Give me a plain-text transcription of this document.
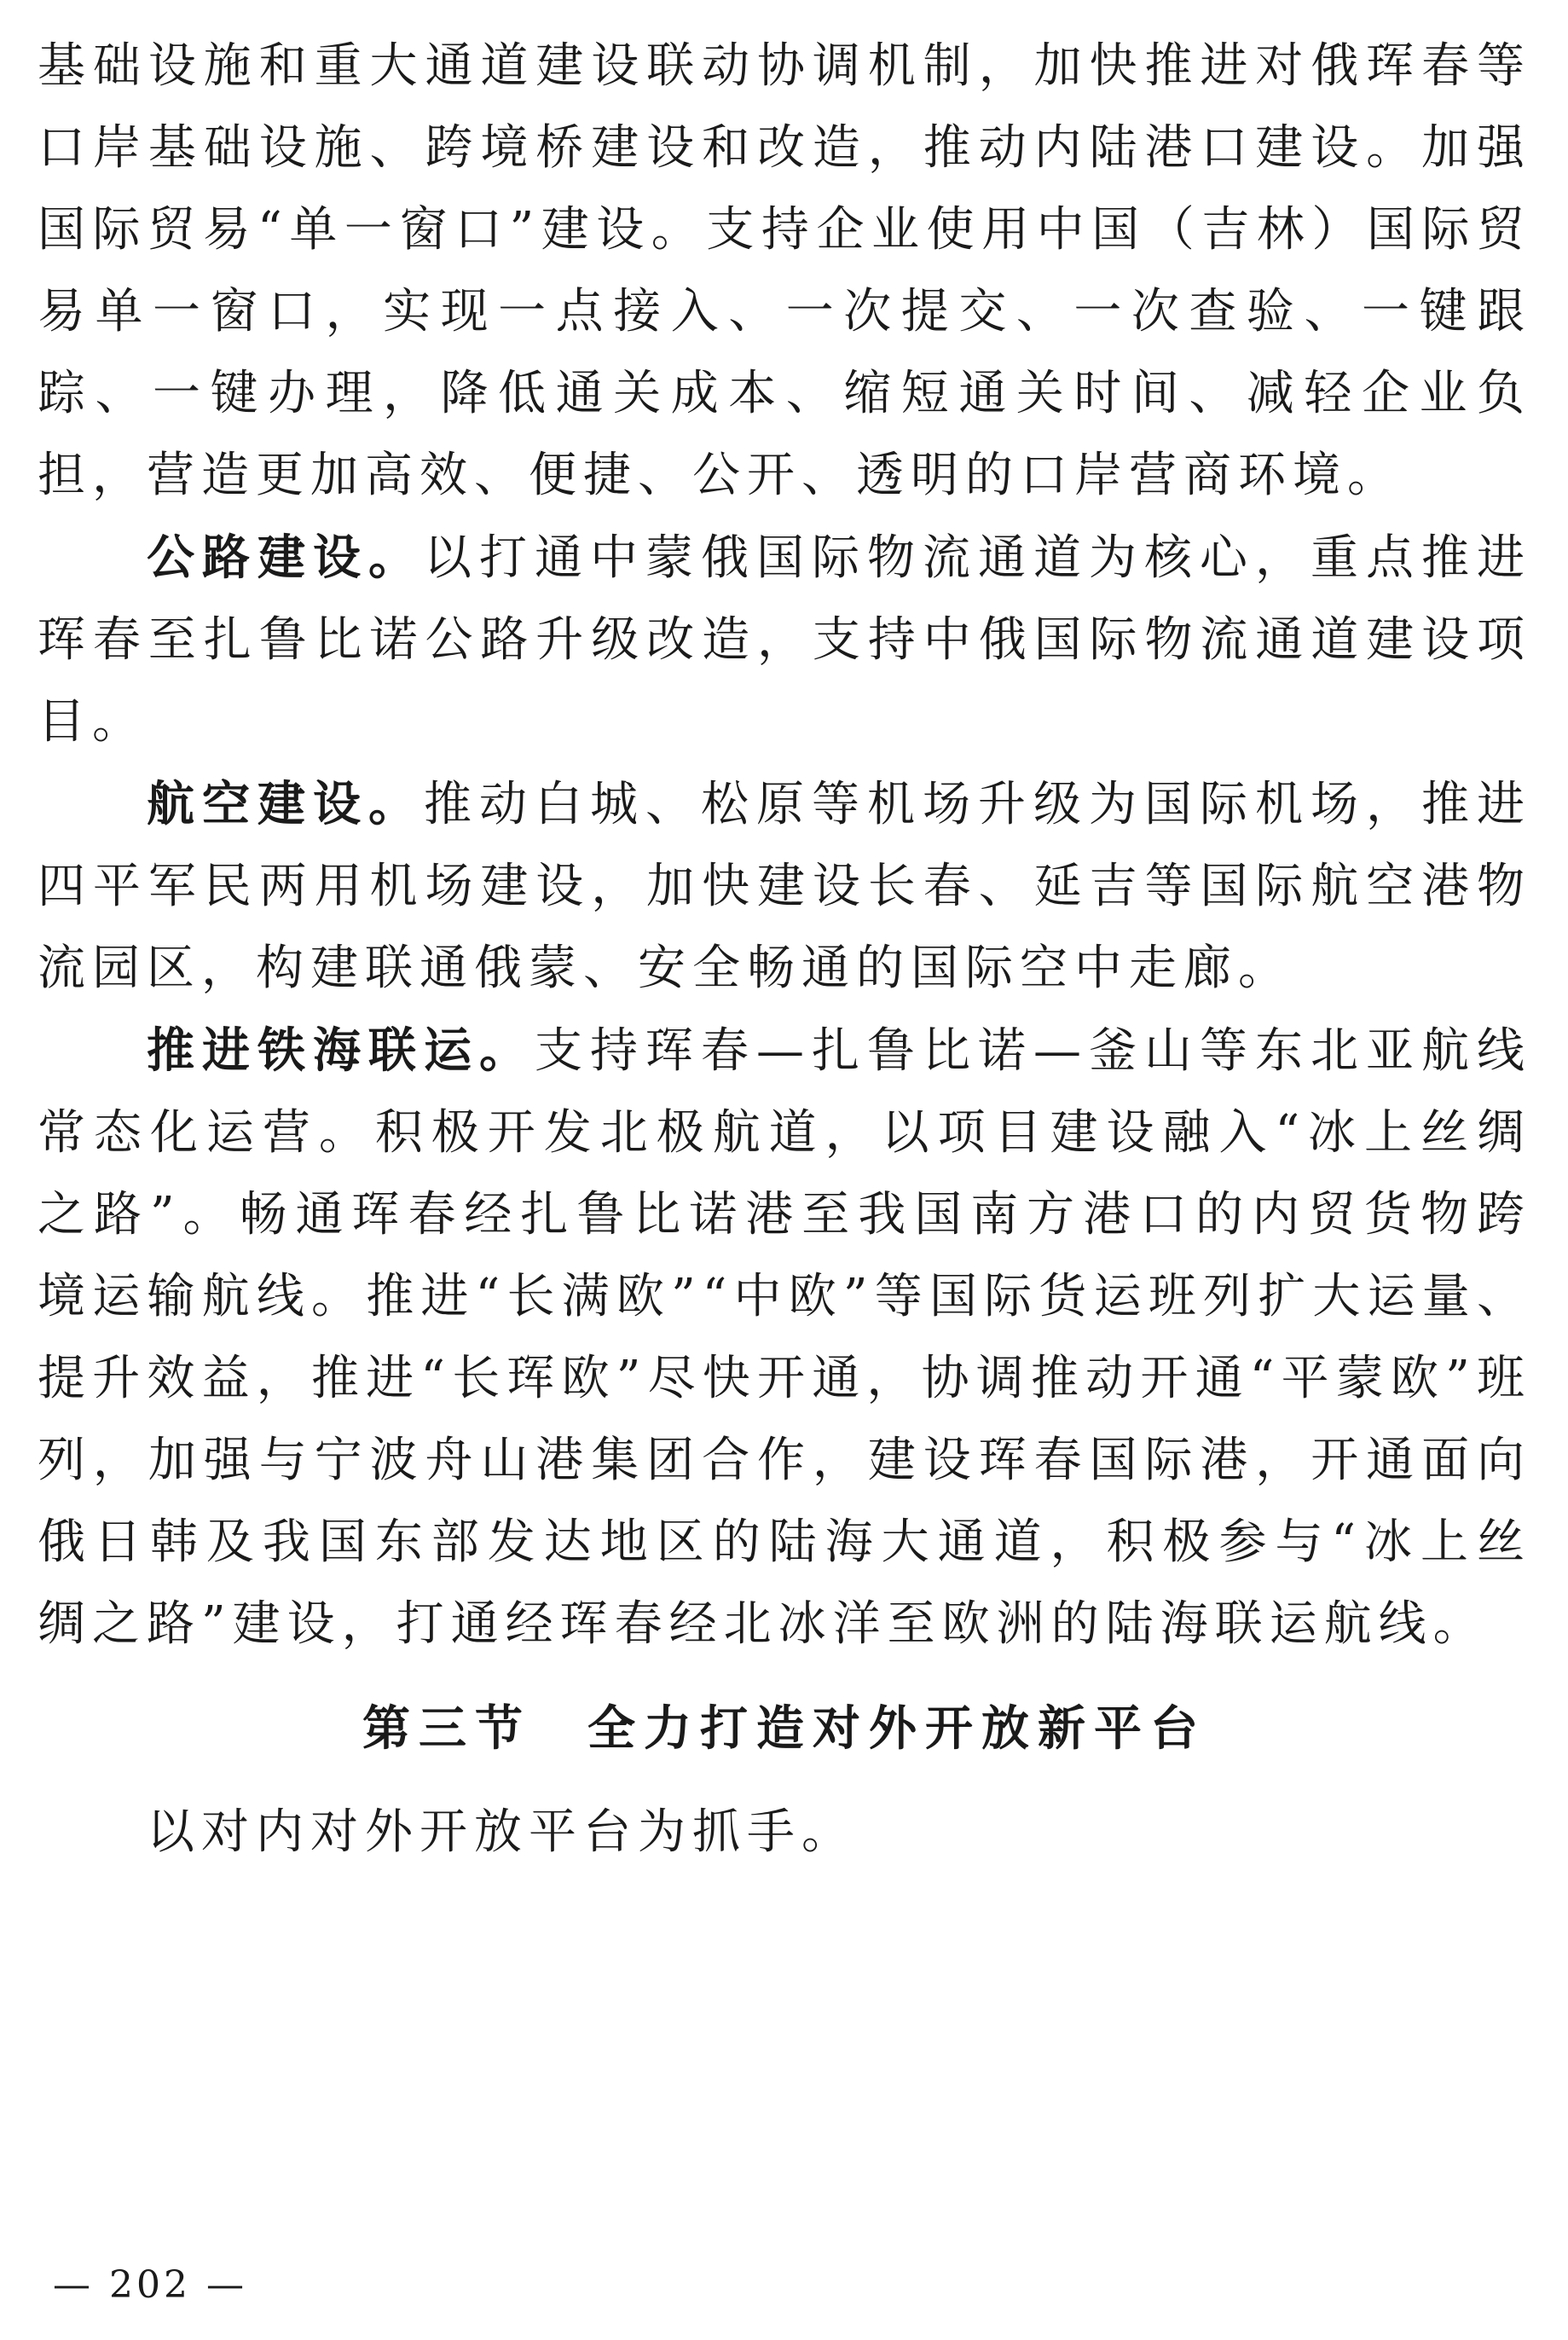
基础设施和重大通道建设联动协调机制，加快推进对俄珲春等口岸基础设施、跨境桥建设和改造，推动内陆港口建设。加强国际贸易“单一窗口”建设。支持企业使用中国（吉林）国际贸易单一窗口，实现一点接入、一次提交、一次查验、一键跟踪、一键办理，降低通关成本、缩短通关时间、减轻企业负担，营造更加高效、便捷、公开、透明的口岸营商环境。

公路建设。以打通中蒙俄国际物流通道为核心，重点推进珲春至扎鲁比诺公路升级改造，支持中俄国际物流通道建设项目。

航空建设。推动白城、松原等机场升级为国际机场，推进四平军民两用机场建设，加快建设长春、延吉等国际航空港物流园区，构建联通俄蒙、安全畅通的国际空中走廊。

推进铁海联运。支持珲春—扎鲁比诺—釜山等东北亚航线常态化运营。积极开发北极航道，以项目建设融入“冰上丝绸之路”。畅通珲春经扎鲁比诺港至我国南方港口的内贸货物跨境运输航线。推进“长满欧”“中欧”等国际货运班列扩大运量、提升效益，推进“长珲欧”尽快开通，协调推动开通“平蒙欧”班列，加强与宁波舟山港集团合作，建设珲春国际港，开通面向俄日韩及我国东部发达地区的陆海大通道，积极参与“冰上丝绸之路”建设，打通经珲春经北冰洋至欧洲的陆海联运航线。

第三节　全力打造对外开放新平台

以对内对外开放平台为抓手。

— 202 —
